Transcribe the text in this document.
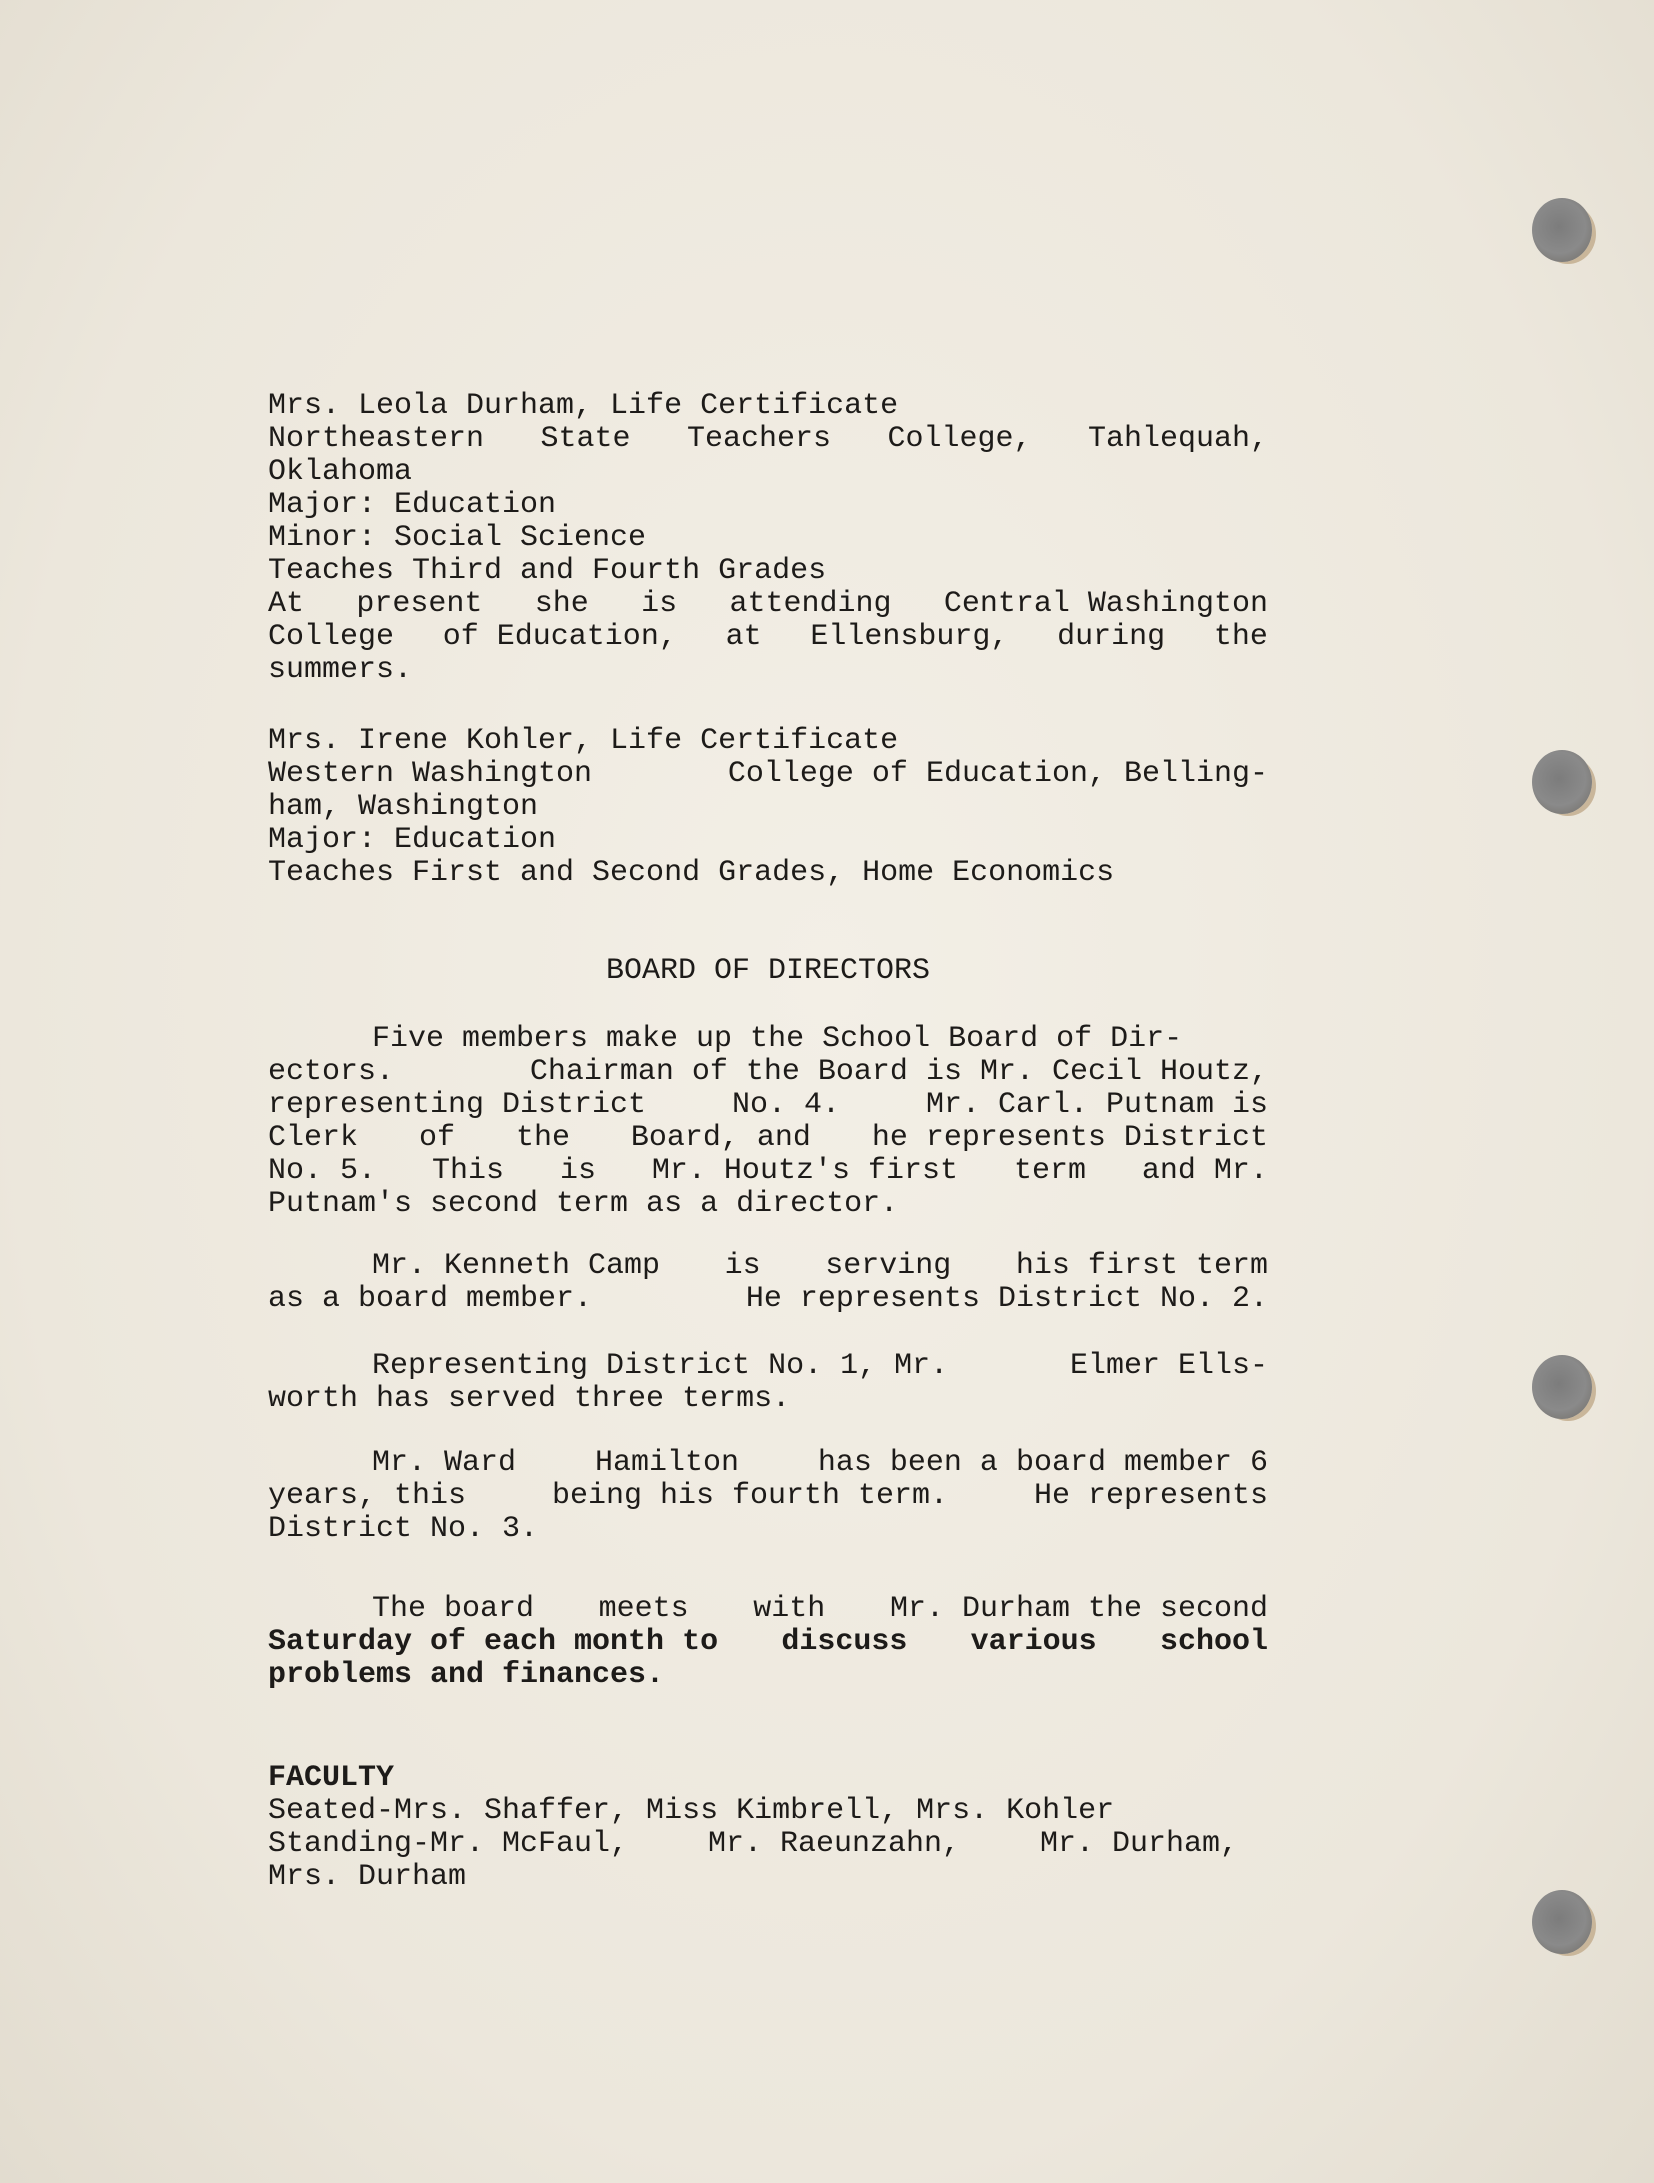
Mrs. Leola Durham, Life Certificate
Northeastern State Teachers College, Tahlequah,
Oklahoma
Major: Education
Minor: Social Science
Teaches Third and Fourth Grades
At present she is attending Central Washington
College of Education, at Ellensburg, during the
summers.
Mrs. Irene Kohler, Life Certificate
Western Washington	College of Education, Belling-
ham, Washington
Major: Education
Teaches First and Second Grades, Home Economics
BOARD OF DIRECTORS
Five members make up the School Board of Dir-
ectors.	Chairman of the Board is Mr. Cecil Houtz,
representing District	No. 4.	Mr. Carl. Putnam is
Clerk of the Board, and he represents District
No. 5. This is Mr. Houtz's first term and Mr.
Putnam's second term as a director.
Mr. Kenneth Camp is serving his first term
as a board member.	He represents District No. 2.
Representing District No. 1, Mr.	Elmer Ells-
worth has served three terms.
Mr. Ward	Hamilton	has been a board member 6
years, this	being his fourth term.	He represents
District No. 3.
The board meets with Mr. Durham the second
Saturday of each month to discuss various school
problems and finances.
FACULTY
Seated-Mrs. Shaffer, Miss Kimbrell, Mrs. Kohler
Standing-Mr. McFaul,	Mr. Raeunzahn,	Mr. Durham,
Mrs. Durham
